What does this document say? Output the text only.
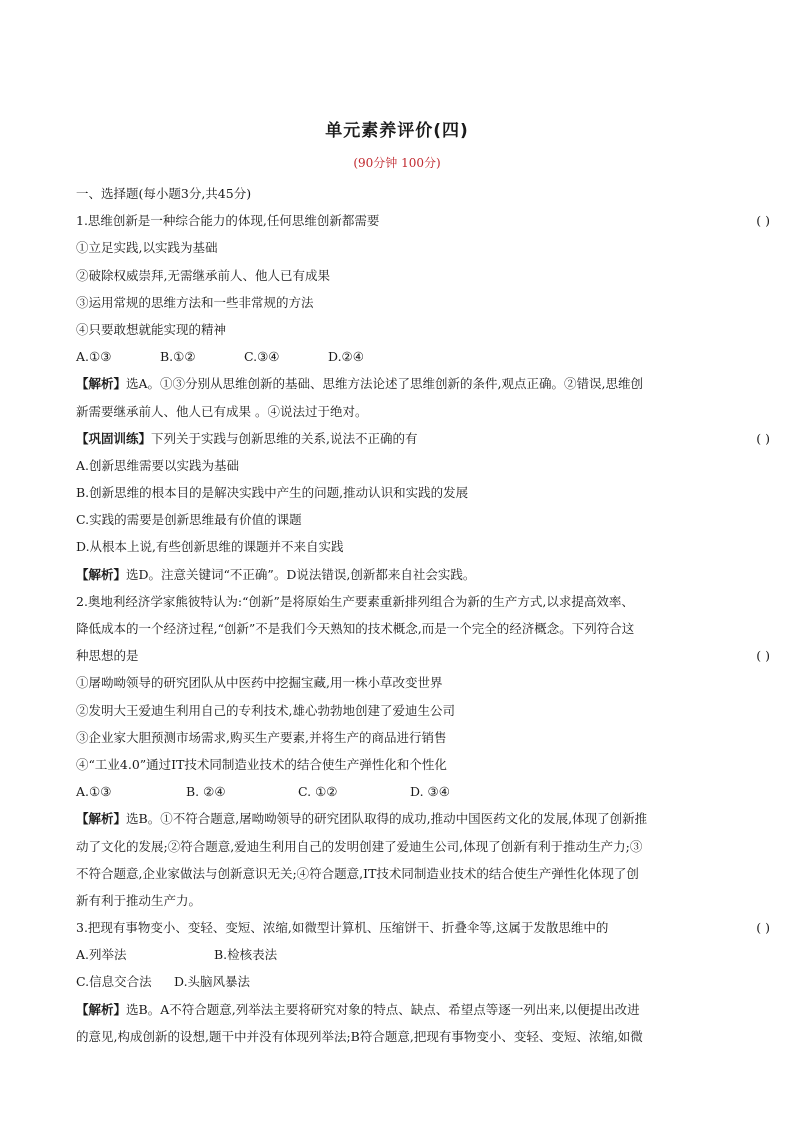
单元素养评价(四)
(90分钟 100分)
一、选择题(每小题3分,共45分)
1.思维创新是一种综合能力的体现,任何思维创新都需要	( )
①立足实践,以实践为基础
②破除权威崇拜,无需继承前人、他人已有成果
③运用常规的思维方法和一些非常规的方法
④只要敢想就能实现的精神
A.①③	B.①②	C.③④	D.②④
【解析】选A。①③分别从思维创新的基础、思维方法论述了思维创新的条件,观点正确。②错误,思维创
新需要继承前人、他人已有成果 。④说法过于绝对。
【巩固训练】下列关于实践与创新思维的关系,说法不正确的有	( )
A.创新思维需要以实践为基础
B.创新思维的根本目的是解决实践中产生的问题,推动认识和实践的发展
C.实践的需要是创新思维最有价值的课题
D.从根本上说,有些创新思维的课题并不来自实践
【解析】选D。注意关键词“不正确”。D说法错误,创新都来自社会实践。
2.奥地利经济学家熊彼特认为:“创新”是将原始生产要素重新排列组合为新的生产方式,以求提高效率、
降低成本的一个经济过程,“创新”不是我们今天熟知的技术概念,而是一个完全的经济概念。下列符合这
种思想的是	( )
①屠呦呦领导的研究团队从中医药中挖掘宝藏,用一株小草改变世界
②发明大王爱迪生利用自己的专利技术,雄心勃勃地创建了爱迪生公司
③企业家大胆预测市场需求,购买生产要素,并将生产的商品进行销售
④“工业4.0”通过IT技术同制造业技术的结合使生产弹性化和个性化
A.①③	B. ②④	C. ①②	D. ③④
【解析】选B。①不符合题意,屠呦呦领导的研究团队取得的成功,推动中国医药文化的发展,体现了创新推
动了文化的发展;②符合题意,爱迪生利用自己的发明创建了爱迪生公司,体现了创新有利于推动生产力;③
不符合题意,企业家做法与创新意识无关;④符合题意,IT技术同制造业技术的结合使生产弹性化体现了创
新有利于推动生产力。
3.把现有事物变小、变轻、变短、浓缩,如微型计算机、压缩饼干、折叠伞等,这属于发散思维中的	( )
A.列举法	B.检核表法
C.信息交合法 D.头脑风暴法
【解析】选B。A不符合题意,列举法主要将研究对象的特点、缺点、希望点等逐一列出来,以便提出改进
的意见,构成创新的设想,题干中并没有体现列举法;B符合题意,把现有事物变小、变轻、变短、浓缩,如微
